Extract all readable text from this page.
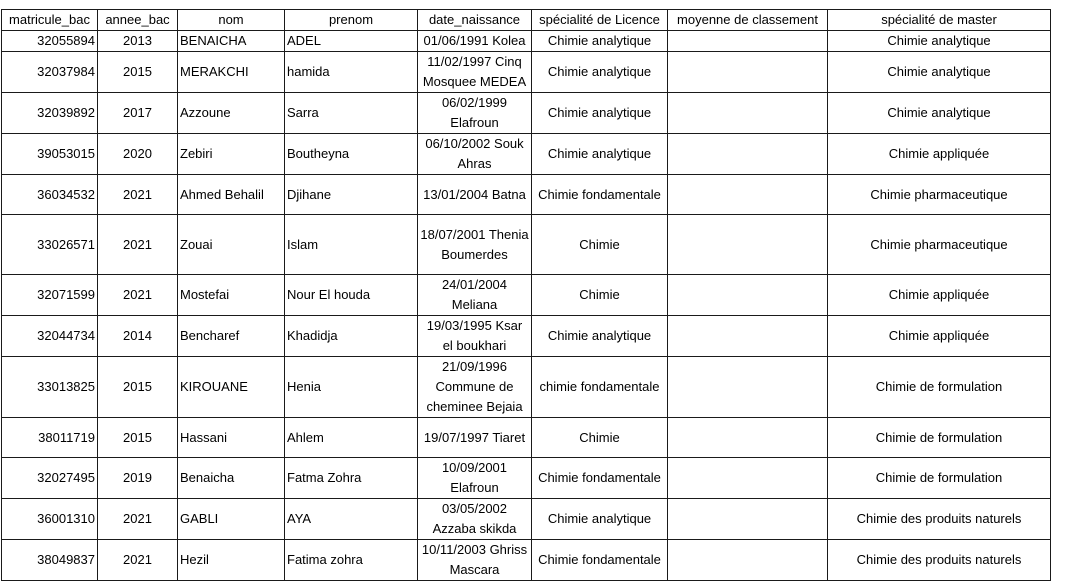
matricule_bac	annee_bac	nom	prenom	date_naissance	spécialité de Licence	moyenne de classement	spécialité de master
32055894	2013	BENAICHA	ADEL	01/06/1991 Kolea	Chimie analytique		Chimie analytique
32037984	2015	MERAKCHI	hamida	11/02/1997 Cinq Mosquee MEDEA	Chimie analytique		Chimie analytique
32039892	2017	Azzoune	Sarra	06/02/1999 Elafroun	Chimie analytique		Chimie analytique
39053015	2020	Zebiri	Boutheyna	06/10/2002 Souk Ahras	Chimie analytique		Chimie appliquée
36034532	2021	Ahmed Behalil	Djihane	13/01/2004 Batna	Chimie fondamentale		Chimie pharmaceutique
33026571	2021	Zouai	Islam	18/07/2001 Thenia Boumerdes	Chimie		Chimie pharmaceutique
32071599	2021	Mostefai	Nour El houda	24/01/2004 Meliana	Chimie		Chimie appliquée
32044734	2014	Bencharef	Khadidja	19/03/1995 Ksar el boukhari	Chimie analytique		Chimie appliquée
33013825	2015	KIROUANE	Henia	21/09/1996 Commune de cheminee Bejaia	chimie fondamentale		Chimie de formulation
38011719	2015	Hassani	Ahlem	19/07/1997 Tiaret	Chimie		Chimie de formulation
32027495	2019	Benaicha	Fatma Zohra	10/09/2001 Elafroun	Chimie fondamentale		Chimie de formulation
36001310	2021	GABLI	AYA	03/05/2002 Azzaba skikda	Chimie analytique		Chimie des produits naturels
38049837	2021	Hezil	Fatima zohra	10/11/2003 Ghriss Mascara	Chimie fondamentale		Chimie des produits naturels
